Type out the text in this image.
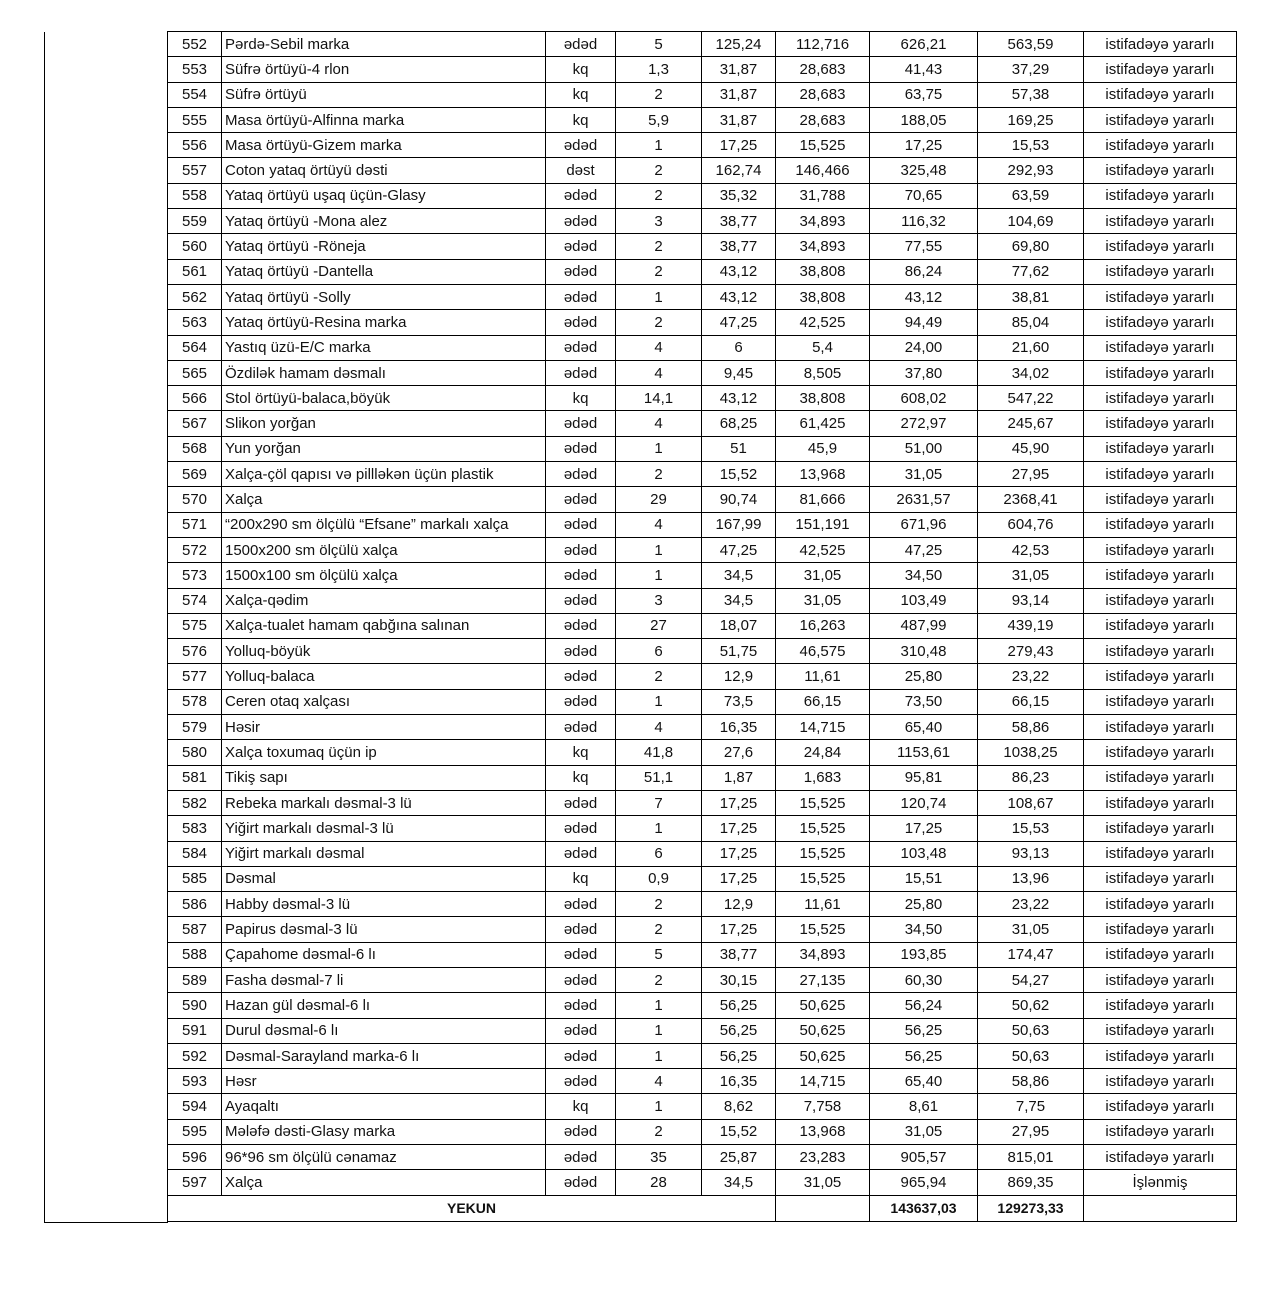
552	Pərdə-Sebil marka	ədəd	5	125,24	112,716	626,21	563,59	istifadəyə yararlı
553	Süfrə örtüyü-4 rlon	kq	1,3	31,87	28,683	41,43	37,29	istifadəyə yararlı
554	Süfrə örtüyü	kq	2	31,87	28,683	63,75	57,38	istifadəyə yararlı
555	Masa örtüyü-Alfinna marka	kq	5,9	31,87	28,683	188,05	169,25	istifadəyə yararlı
556	Masa örtüyü-Gizem marka	ədəd	1	17,25	15,525	17,25	15,53	istifadəyə yararlı
557	Coton yataq örtüyü dəsti	dəst	2	162,74	146,466	325,48	292,93	istifadəyə yararlı
558	Yataq örtüyü uşaq üçün-Glasy	ədəd	2	35,32	31,788	70,65	63,59	istifadəyə yararlı
559	Yataq örtüyü -Mona alez	ədəd	3	38,77	34,893	116,32	104,69	istifadəyə yararlı
560	Yataq örtüyü -Röneja	ədəd	2	38,77	34,893	77,55	69,80	istifadəyə yararlı
561	Yataq örtüyü -Dantella	ədəd	2	43,12	38,808	86,24	77,62	istifadəyə yararlı
562	Yataq örtüyü -Solly	ədəd	1	43,12	38,808	43,12	38,81	istifadəyə yararlı
563	Yataq örtüyü-Resina marka	ədəd	2	47,25	42,525	94,49	85,04	istifadəyə yararlı
564	Yastıq üzü-E/C marka	ədəd	4	6	5,4	24,00	21,60	istifadəyə yararlı
565	Özdilək hamam dəsmalı	ədəd	4	9,45	8,505	37,80	34,02	istifadəyə yararlı
566	Stol örtüyü-balaca,böyük	kq	14,1	43,12	38,808	608,02	547,22	istifadəyə yararlı
567	Slikon yorğan	ədəd	4	68,25	61,425	272,97	245,67	istifadəyə yararlı
568	Yun yorğan	ədəd	1	51	45,9	51,00	45,90	istifadəyə yararlı
569	Xalça-çöl qapısı və pillləkən üçün plastik	ədəd	2	15,52	13,968	31,05	27,95	istifadəyə yararlı
570	Xalça	ədəd	29	90,74	81,666	2631,57	2368,41	istifadəyə yararlı
571	“200x290 sm ölçülü “Efsane” markalı xalça	ədəd	4	167,99	151,191	671,96	604,76	istifadəyə yararlı
572	1500x200 sm ölçülü xalça	ədəd	1	47,25	42,525	47,25	42,53	istifadəyə yararlı
573	1500x100 sm ölçülü xalça	ədəd	1	34,5	31,05	34,50	31,05	istifadəyə yararlı
574	Xalça-qədim	ədəd	3	34,5	31,05	103,49	93,14	istifadəyə yararlı
575	Xalça-tualet hamam qabğına salınan	ədəd	27	18,07	16,263	487,99	439,19	istifadəyə yararlı
576	Yolluq-böyük	ədəd	6	51,75	46,575	310,48	279,43	istifadəyə yararlı
577	Yolluq-balaca	ədəd	2	12,9	11,61	25,80	23,22	istifadəyə yararlı
578	Ceren otaq xalçası	ədəd	1	73,5	66,15	73,50	66,15	istifadəyə yararlı
579	Həsir	ədəd	4	16,35	14,715	65,40	58,86	istifadəyə yararlı
580	Xalça toxumaq üçün ip	kq	41,8	27,6	24,84	1153,61	1038,25	istifadəyə yararlı
581	Tikiş sapı	kq	51,1	1,87	1,683	95,81	86,23	istifadəyə yararlı
582	Rebeka markalı dəsmal-3 lü	ədəd	7	17,25	15,525	120,74	108,67	istifadəyə yararlı
583	Yiğirt markalı dəsmal-3 lü	ədəd	1	17,25	15,525	17,25	15,53	istifadəyə yararlı
584	Yiğirt markalı dəsmal	ədəd	6	17,25	15,525	103,48	93,13	istifadəyə yararlı
585	Dəsmal	kq	0,9	17,25	15,525	15,51	13,96	istifadəyə yararlı
586	Habby dəsmal-3 lü	ədəd	2	12,9	11,61	25,80	23,22	istifadəyə yararlı
587	Papirus dəsmal-3 lü	ədəd	2	17,25	15,525	34,50	31,05	istifadəyə yararlı
588	Çapahome dəsmal-6 lı	ədəd	5	38,77	34,893	193,85	174,47	istifadəyə yararlı
589	Fasha dəsmal-7 li	ədəd	2	30,15	27,135	60,30	54,27	istifadəyə yararlı
590	Hazan gül dəsmal-6 lı	ədəd	1	56,25	50,625	56,24	50,62	istifadəyə yararlı
591	Durul dəsmal-6 lı	ədəd	1	56,25	50,625	56,25	50,63	istifadəyə yararlı
592	Dəsmal-Sarayland marka-6 lı	ədəd	1	56,25	50,625	56,25	50,63	istifadəyə yararlı
593	Həsr	ədəd	4	16,35	14,715	65,40	58,86	istifadəyə yararlı
594	Ayaqaltı	kq	1	8,62	7,758	8,61	7,75	istifadəyə yararlı
595	Mələfə dəsti-Glasy marka	ədəd	2	15,52	13,968	31,05	27,95	istifadəyə yararlı
596	96*96 sm ölçülü cənamaz	ədəd	35	25,87	23,283	905,57	815,01	istifadəyə yararlı
597	Xalça	ədəd	28	34,5	31,05	965,94	869,35	İşlənmiş
YEKUN						143637,03	129273,33	
